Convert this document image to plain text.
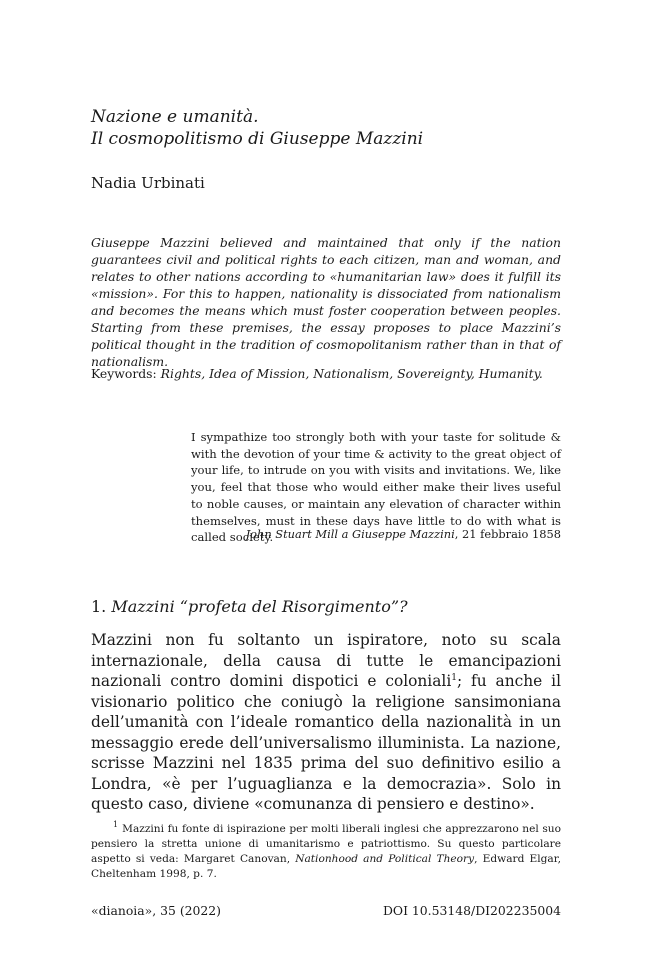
Nazione e umanità.
Il cosmopolitismo di Giuseppe Mazzini
Nadia Urbinati

Giuseppe Mazzini believed and maintained that only if the nation guarantees civil and political rights to each citizen, man and woman, and relates to other nations according to «humanitarian law» does it fulfill its «mission». For this to happen, nationality is dissociated from nationalism and becomes the means which must foster cooperation between peoples. Starting from these premises, the essay proposes to place Mazzini’s political thought in the tradition of cosmopolitanism rather than in that of nationalism.

Keywords: Rights, Idea of Mission, Nationalism, Sovereignty, Humanity.

I sympathize too strongly both with your taste for solitude & with the devotion of your time & activity to the great object of your life, to intrude on you with visits and invitations. We, like you, feel that those who would either make their lives useful to noble causes, or maintain any elevation of character within themselves, must in these days have little to do with what is called society.

John Stuart Mill a Giuseppe Mazzini, 21 febbraio 1858
1. Mazzini “profeta del Risorgimento”?

Mazzini non fu soltanto un ispiratore, noto su scala internazionale, della causa di tutte le emancipazioni nazionali contro domini dispotici e coloniali$^1$; fu anche il visionario politico che coniugò la religione sansimoniana dell’umanità con l’ideale romantico della nazionalità in un messaggio erede dell’universalismo illuminista. La nazione, scrisse Mazzini nel 1835 prima del suo definitivo esilio a Londra, «è per l’uguaglianza e la democrazia». Solo in questo caso, diviene «comunanza di pensiero e destino».

$^1$ Mazzini fu fonte di ispirazione per molti liberali inglesi che apprezzarono nel suo pensiero la stretta unione di umanitarismo e patriottismo. Su questo particolare aspetto si veda: Margaret Canovan, Nationhood and Political Theory, Edward Elgar, Cheltenham 1998, p. 7.

«dianoia», 35 (2022)	DOI 10.53148/DI202235004
